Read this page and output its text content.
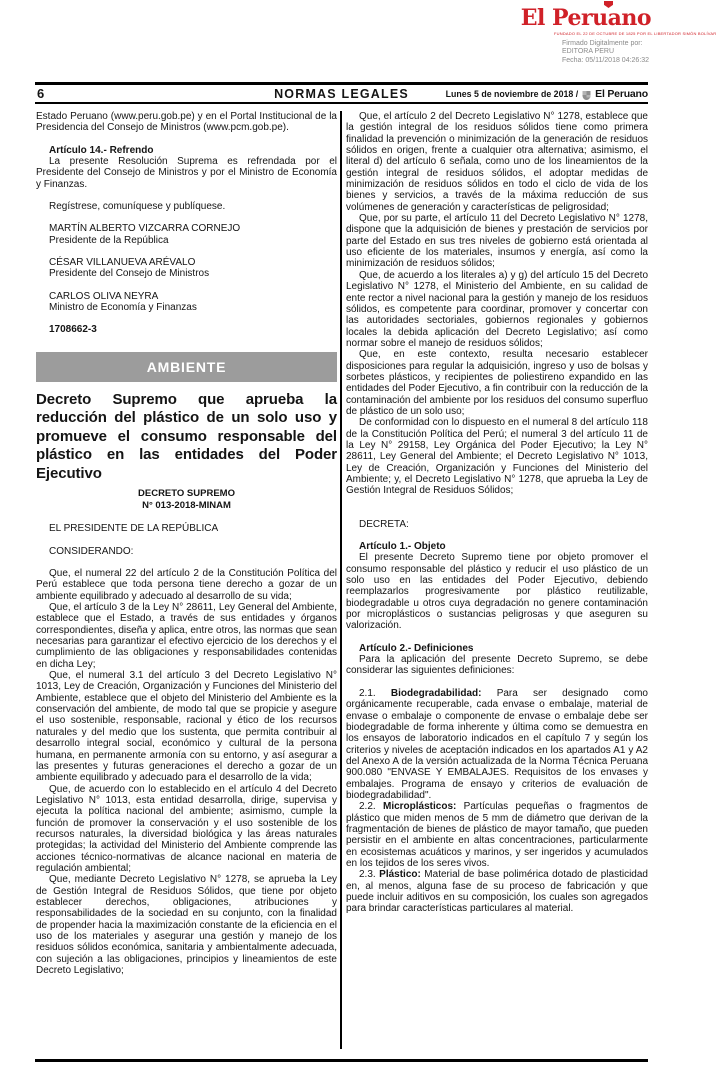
El Peruano
FUNDADO EL 22 DE OCTUBRE DE 1825 POR EL LIBERTADOR SIMÓN BOLÍVAR
Firmado Digitalmente por:
EDITORA PERU
Fecha: 05/11/2018 04:26:32
6	NORMAS LEGALES	Lunes 5 de noviembre de 2018 / El Peruano
Estado Peruano (www.peru.gob.pe) y en el Portal Institucional de la Presidencia del Consejo de Ministros (www.pcm.gob.pe).
Artículo 14.- Refrendo
La presente Resolución Suprema es refrendada por el Presidente del Consejo de Ministros y por el Ministro de Economía y Finanzas.
Regístrese, comuníquese y publíquese.
MARTÍN ALBERTO VIZCARRA CORNEJO
Presidente de la República
CÉSAR VILLANUEVA ARÉVALO
Presidente del Consejo de Ministros
CARLOS OLIVA NEYRA
Ministro de Economía y Finanzas
1708662-3
AMBIENTE
Decreto Supremo que aprueba la reducción del plástico de un solo uso y promueve el consumo responsable del plástico en las entidades del Poder Ejecutivo
DECRETO SUPREMO
N° 013-2018-MINAM
EL PRESIDENTE DE LA REPÚBLICA
CONSIDERANDO:
Que, el numeral 22 del artículo 2 de la Constitución Política del Perú establece que toda persona tiene derecho a gozar de un ambiente equilibrado y adecuado al desarrollo de su vida;
Que, el artículo 3 de la Ley N° 28611, Ley General del Ambiente, establece que el Estado, a través de sus entidades y órganos correspondientes, diseña y aplica, entre otros, las normas que sean necesarias para garantizar el efectivo ejercicio de los derechos y el cumplimiento de las obligaciones y responsabilidades contenidas en dicha Ley;
Que, el numeral 3.1 del artículo 3 del Decreto Legislativo N° 1013, Ley de Creación, Organización y Funciones del Ministerio del Ambiente, establece que el objeto del Ministerio del Ambiente es la conservación del ambiente, de modo tal que se propicie y asegure el uso sostenible, responsable, racional y ético de los recursos naturales y del medio que los sustenta, que permita contribuir al desarrollo integral social, económico y cultural de la persona humana, en permanente armonía con su entorno, y así asegurar a las presentes y futuras generaciones el derecho a gozar de un ambiente equilibrado y adecuado para el desarrollo de la vida;
Que, de acuerdo con lo establecido en el artículo 4 del Decreto Legislativo N° 1013, esta entidad desarrolla, dirige, supervisa y ejecuta la política nacional del ambiente; asimismo, cumple la función de promover la conservación y el uso sostenible de los recursos naturales, la diversidad biológica y las áreas naturales protegidas; la actividad del Ministerio del Ambiente comprende las acciones técnico-normativas de alcance nacional en materia de regulación ambiental;
Que, mediante Decreto Legislativo N° 1278, se aprueba la Ley de Gestión Integral de Residuos Sólidos, que tiene por objeto establecer derechos, obligaciones, atribuciones y responsabilidades de la sociedad en su conjunto, con la finalidad de propender hacia la maximización constante de la eficiencia en el uso de los materiales y asegurar una gestión y manejo de los residuos sólidos económica, sanitaria y ambientalmente adecuada, con sujeción a las obligaciones, principios y lineamientos de este Decreto Legislativo;
Que, el artículo 2 del Decreto Legislativo N° 1278, establece que la gestión integral de los residuos sólidos tiene como primera finalidad la prevención o minimización de la generación de residuos sólidos en origen, frente a cualquier otra alternativa; asimismo, el literal d) del artículo 6 señala, como uno de los lineamientos de la gestión integral de residuos sólidos, el adoptar medidas de minimización de residuos sólidos en todo el ciclo de vida de los bienes y servicios, a través de la máxima reducción de sus volúmenes de generación y características de peligrosidad;
Que, por su parte, el artículo 11 del Decreto Legislativo N° 1278, dispone que la adquisición de bienes y prestación de servicios por parte del Estado en sus tres niveles de gobierno está orientada al uso eficiente de los materiales, insumos y energía, así como la minimización de residuos sólidos;
Que, de acuerdo a los literales a) y g) del artículo 15 del Decreto Legislativo N° 1278, el Ministerio del Ambiente, en su calidad de ente rector a nivel nacional para la gestión y manejo de los residuos sólidos, es competente para coordinar, promover y concertar con las autoridades sectoriales, gobiernos regionales y gobiernos locales la debida aplicación del Decreto Legislativo; así como normar sobre el manejo de residuos sólidos;
Que, en este contexto, resulta necesario establecer disposiciones para regular la adquisición, ingreso y uso de bolsas y sorbetes plásticos, y recipientes de poliestireno expandido en las entidades del Poder Ejecutivo, a fin contribuir con la reducción de la contaminación del ambiente por los residuos del consumo superfluo de plástico de un solo uso;
De conformidad con lo dispuesto en el numeral 8 del artículo 118 de la Constitución Política del Perú; el numeral 3 del artículo 11 de la Ley N° 29158, Ley Orgánica del Poder Ejecutivo; la Ley N° 28611, Ley General del Ambiente; el Decreto Legislativo N° 1013, Ley de Creación, Organización y Funciones del Ministerio del Ambiente; y, el Decreto Legislativo N° 1278, que aprueba la Ley de Gestión Integral de Residuos Sólidos;
DECRETA:
Artículo 1.- Objeto
El presente Decreto Supremo tiene por objeto promover el consumo responsable del plástico y reducir el uso plástico de un solo uso en las entidades del Poder Ejecutivo, debiendo reemplazarlos progresivamente por plástico reutilizable, biodegradable u otros cuya degradación no genere contaminación por microplásticos o sustancias peligrosas y que aseguren su valorización.
Artículo 2.- Definiciones
Para la aplicación del presente Decreto Supremo, se debe considerar las siguientes definiciones:
2.1. Biodegradabilidad: Para ser designado como orgánicamente recuperable, cada envase o embalaje, material de envase o embalaje o componente de envase o embalaje debe ser biodegradable de forma inherente y última como se demuestra en los ensayos de laboratorio indicados en el capítulo 7 y según los criterios y niveles de aceptación indicados en los apartados A1 y A2 del Anexo A de la versión actualizada de la Norma Técnica Peruana 900.080 "ENVASE Y EMBALAJES. Requisitos de los envases y embalajes. Programa de ensayo y criterios de evaluación de biodegradabilidad".
2.2. Microplásticos: Partículas pequeñas o fragmentos de plástico que miden menos de 5 mm de diámetro que derivan de la fragmentación de bienes de plástico de mayor tamaño, que pueden persistir en el ambiente en altas concentraciones, particularmente en ecosistemas acuáticos y marinos, y ser ingeridos y acumulados en los tejidos de los seres vivos.
2.3. Plástico: Material de base polimérica dotado de plasticidad en, al menos, alguna fase de su proceso de fabricación y que puede incluir aditivos en su composición, los cuales son agregados para brindar características particulares al material.
